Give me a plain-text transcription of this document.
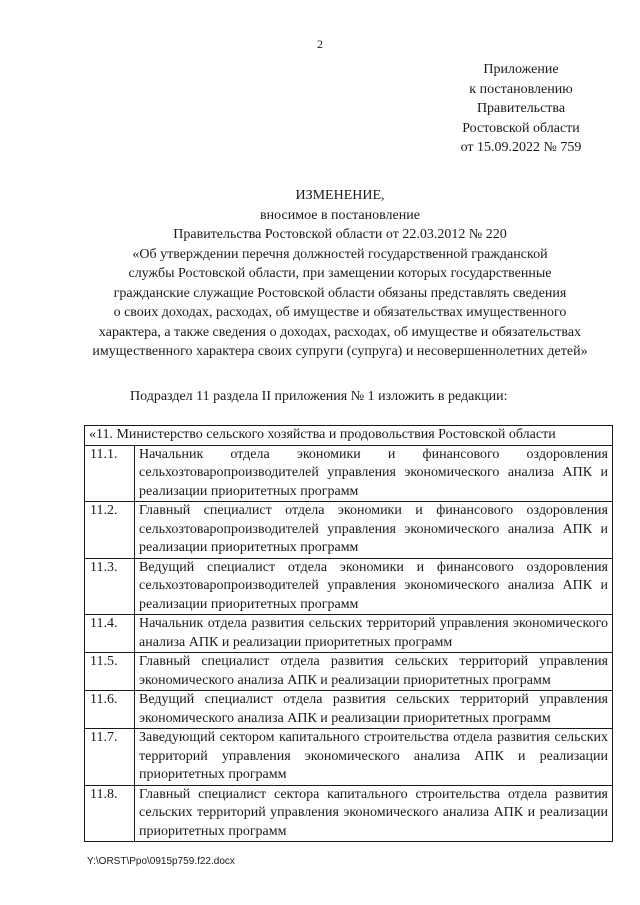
2
Приложение
к постановлению
Правительства
Ростовской области
от 15.09.2022 № 759
ИЗМЕНЕНИЕ,
вносимое в постановление
Правительства Ростовской области от 22.03.2012 № 220
«Об утверждении перечня должностей государственной гражданской
службы Ростовской области, при замещении которых государственные
гражданские служащие Ростовской области обязаны представлять сведения
о своих доходах, расходах, об имуществе и обязательствах имущественного
характера, а также сведения о доходах, расходах, об имуществе и обязательствах
имущественного характера своих супруги (супруга) и несовершеннолетних детей»
Подраздел 11 раздела II приложения № 1 изложить в редакции:
«11. Министерство сельского хозяйства и продовольствия Ростовской области	
11.1.	Начальник отдела экономики и финансового оздоровления сельхозтоваропроизводителей управления экономического анализа АПК и реализации приоритетных программ
11.2.	Главный специалист отдела экономики и финансового оздоровления сельхозтоваропроизводителей управления экономического анализа АПК и реализации приоритетных программ
11.3.	Ведущий специалист отдела экономики и финансового оздоровления сельхозтоваропроизводителей управления экономического анализа АПК и реализации приоритетных программ
11.4.	Начальник отдела развития сельских территорий управления экономического анализа АПК и реализации приоритетных программ
11.5.	Главный специалист отдела развития сельских территорий управления экономического анализа АПК и реализации приоритетных программ
11.6.	Ведущий специалист отдела развития сельских территорий управления экономического анализа АПК и реализации приоритетных программ
11.7.	Заведующий сектором капитального строительства отдела развития сельских территорий управления экономического анализа АПК и реализации приоритетных программ
11.8.	Главный специалист сектора капитального строительства отдела развития сельских территорий управления экономического анализа АПК и реализации приоритетных программ
Y:\ORST\Ppo\0915p759.f22.docx
